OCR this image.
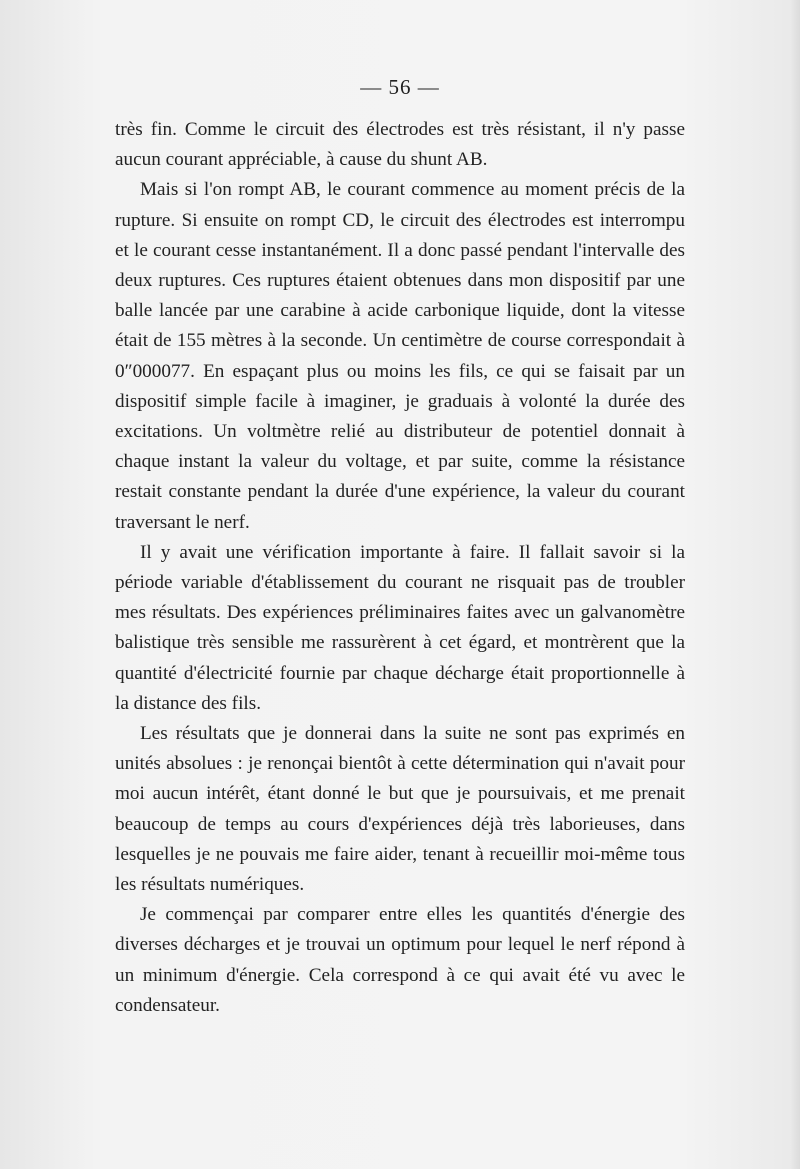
— 56 —

très fin. Comme le circuit des électrodes est très résistant, il n'y passe aucun courant appréciable, à cause du shunt AB.

Mais si l'on rompt AB, le courant commence au moment précis de la rupture. Si ensuite on rompt CD, le circuit des électrodes est interrompu et le courant cesse instantanément. Il a donc passé pendant l'intervalle des deux ruptures. Ces ruptures étaient obtenues dans mon dispositif par une balle lancée par une carabine à acide carbonique liquide, dont la vitesse était de 155 mètres à la seconde. Un centimètre de course correspondait à 0″000077. En espaçant plus ou moins les fils, ce qui se faisait par un dispositif simple facile à imaginer, je graduais à volonté la durée des excitations. Un voltmètre relié au distributeur de potentiel donnait à chaque instant la valeur du voltage, et par suite, comme la résistance restait constante pendant la durée d'une expérience, la valeur du courant traversant le nerf.

Il y avait une vérification importante à faire. Il fallait savoir si la période variable d'établissement du courant ne risquait pas de troubler mes résultats. Des expériences préliminaires faites avec un galvanomètre balistique très sensible me rassurèrent à cet égard, et montrèrent que la quantité d'électricité fournie par chaque décharge était proportionnelle à la distance des fils.

Les résultats que je donnerai dans la suite ne sont pas exprimés en unités absolues : je renonçai bientôt à cette détermination qui n'avait pour moi aucun intérêt, étant donné le but que je poursuivais, et me prenait beaucoup de temps au cours d'expériences déjà très laborieuses, dans lesquelles je ne pouvais me faire aider, tenant à recueillir moi-même tous les résultats numériques.

Je commençai par comparer entre elles les quantités d'énergie des diverses décharges et je trouvai un optimum pour lequel le nerf répond à un minimum d'énergie. Cela correspond à ce qui avait été vu avec le condensateur.
